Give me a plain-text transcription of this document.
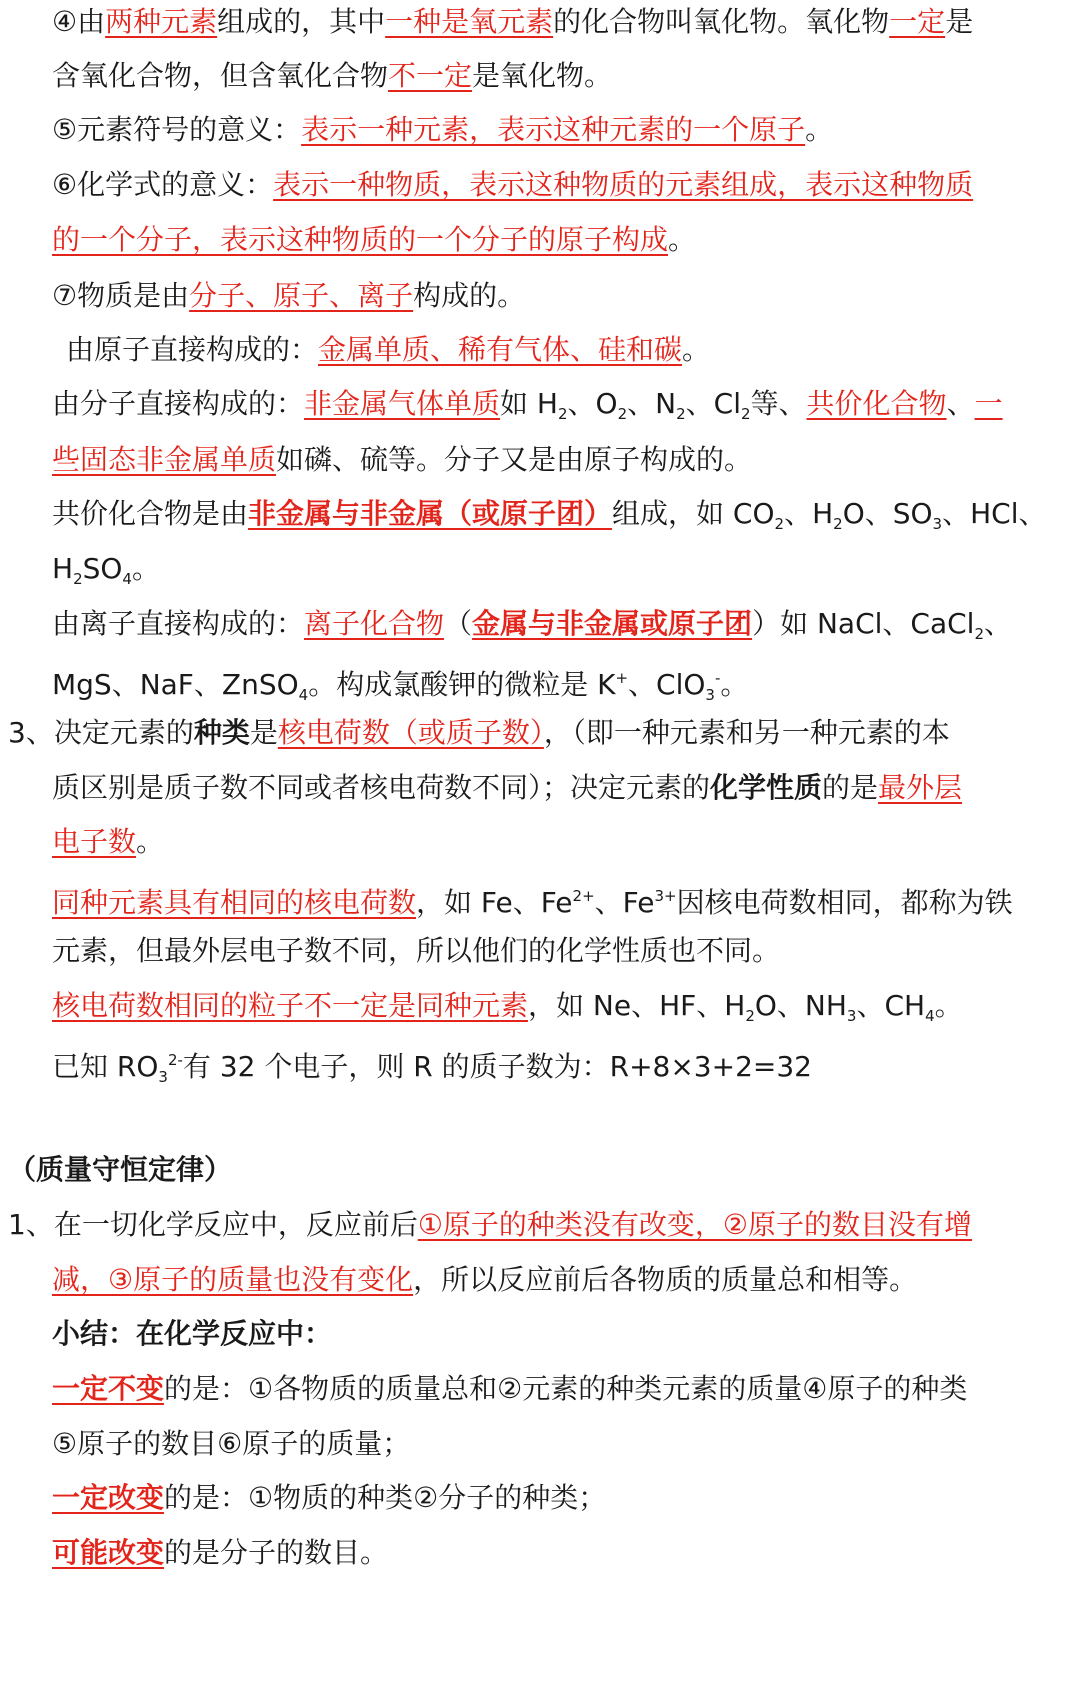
④由两种元素组成的，其中一种是氧元素的化合物叫氧化物。氧化物一定是
含氧化合物，但含氧化合物不一定是氧化物。
⑤元素符号的意义：表示一种元素，表示这种元素的一个原子。
⑥化学式的意义：表示一种物质，表示这种物质的元素组成，表示这种物质
的一个分子，表示这种物质的一个分子的原子构成。
⑦物质是由分子、原子、离子构成的。
由原子直接构成的：金属单质、稀有气体、硅和碳。
由分子直接构成的：非金属气体单质如 $H_2$、$O_2$、$N_2$、$Cl_2$等、共价化合物、一
些固态非金属单质如磷、硫等。分子又是由原子构成的。
共价化合物是由非金属与非金属（或原子团）组成，如 $CO_2$、$H_2O$、$SO_3$、HCl、
$H_2SO_4$。
由离子直接构成的：离子化合物（金属与非金属或原子团）如 NaCl、CaCl$_2$、
MgS、NaF、ZnSO$_4$。构成氯酸钾的微粒是 K+、ClO$_3$-。
3、决定元素的种类是核电荷数（或质子数），（即一种元素和另一种元素的本
质区别是质子数不同或者核电荷数不同）；决定元素的化学性质的是最外层
电子数。
同种元素具有相同的核电荷数，如 Fe、$Fe^{2+}$、$Fe^{3+}$因核电荷数相同，都称为铁
元素，但最外层电子数不同，所以他们的化学性质也不同。
核电荷数相同的粒子不一定是同种元素，如 Ne、HF、$H_2O$、$NH_3$、$CH_4$。
已知 $RO_3^{2-}$有 32 个电子，则 R 的质子数为：R+8×3+2=32
（质量守恒定律）
1、在一切化学反应中，反应前后①原子的种类没有改变，②原子的数目没有增
减，③原子的质量也没有变化，所以反应前后各物质的质量总和相等。
小结：在化学反应中：
一定不变的是：①各物质的质量总和②元素的种类元素的质量④原子的种类
⑤原子的数目⑥原子的质量；
一定改变的是：①物质的种类②分子的种类；
可能改变的是分子的数目。
